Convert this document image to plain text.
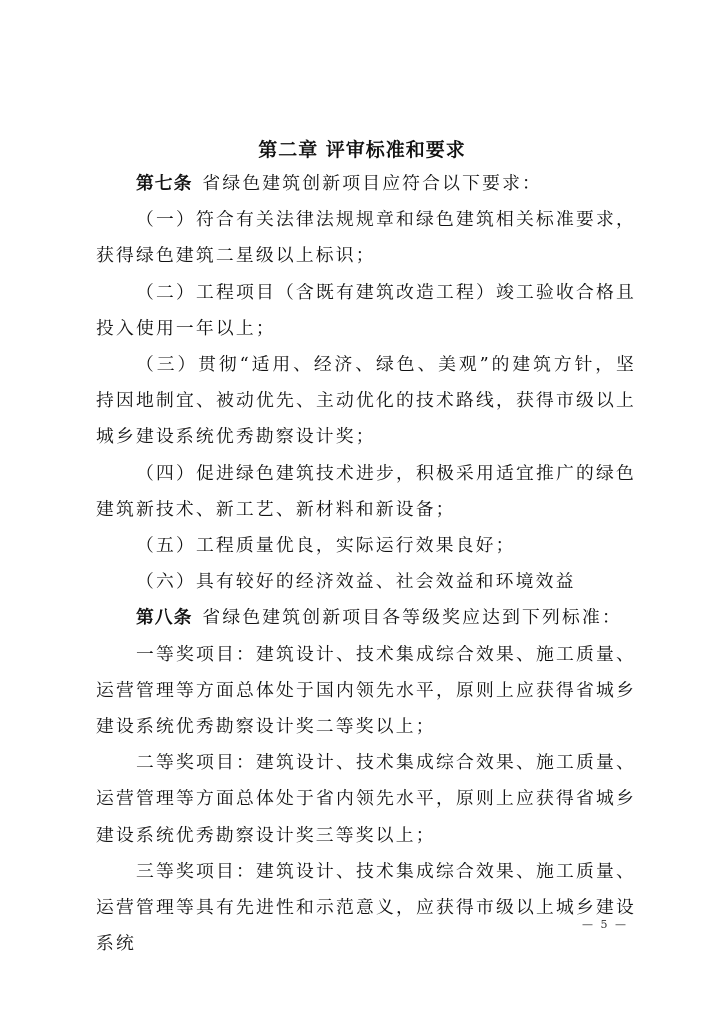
第二章 评审标准和要求

第七条 省绿色建筑创新项目应符合以下要求：

（一）符合有关法律法规规章和绿色建筑相关标准要求，获得绿色建筑二星级以上标识；

（二）工程项目（含既有建筑改造工程）竣工验收合格且投入使用一年以上；

（三）贯彻“适用、经济、绿色、美观”的建筑方针，坚持因地制宜、被动优先、主动优化的技术路线，获得市级以上城乡建设系统优秀勘察设计奖；

（四）促进绿色建筑技术进步，积极采用适宜推广的绿色建筑新技术、新工艺、新材料和新设备；

（五）工程质量优良，实际运行效果良好；

（六）具有较好的经济效益、社会效益和环境效益

第八条 省绿色建筑创新项目各等级奖应达到下列标准：

一等奖项目：建筑设计、技术集成综合效果、施工质量、运营管理等方面总体处于国内领先水平，原则上应获得省城乡建设系统优秀勘察设计奖二等奖以上；

二等奖项目：建筑设计、技术集成综合效果、施工质量、运营管理等方面总体处于省内领先水平，原则上应获得省城乡建设系统优秀勘察设计奖三等奖以上；

三等奖项目：建筑设计、技术集成综合效果、施工质量、运营管理等具有先进性和示范意义，应获得市级以上城乡建设系统

— 5 —
